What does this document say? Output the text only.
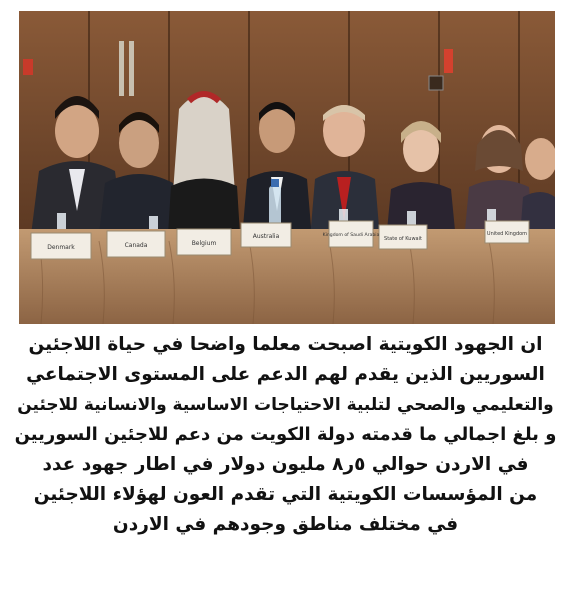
Denmark	Canada	Belgium
Australia	Kingdom of Saudi Arabia
State of Kuwait
United Kingdom
ان الجهود الكويتية اصبحت معلما واضحا في حياة اللاجئين
السوريين الذين يقدم لهم الدعم على المستوى الاجتماعي
والتعليمي والصحي لتلبية الاحتياجات الاساسية والانسانية للاجئين
و بلغ اجمالي ما قدمته دولة الكويت من دعم للاجئين السوريين
في الاردن حوالي ٥ر٨ مليون دولار في اطار جهود عدد
من المؤسسات الكويتية التي تقدم العون لهؤلاء اللاجئين
في مختلف مناطق وجودهم في الاردن
